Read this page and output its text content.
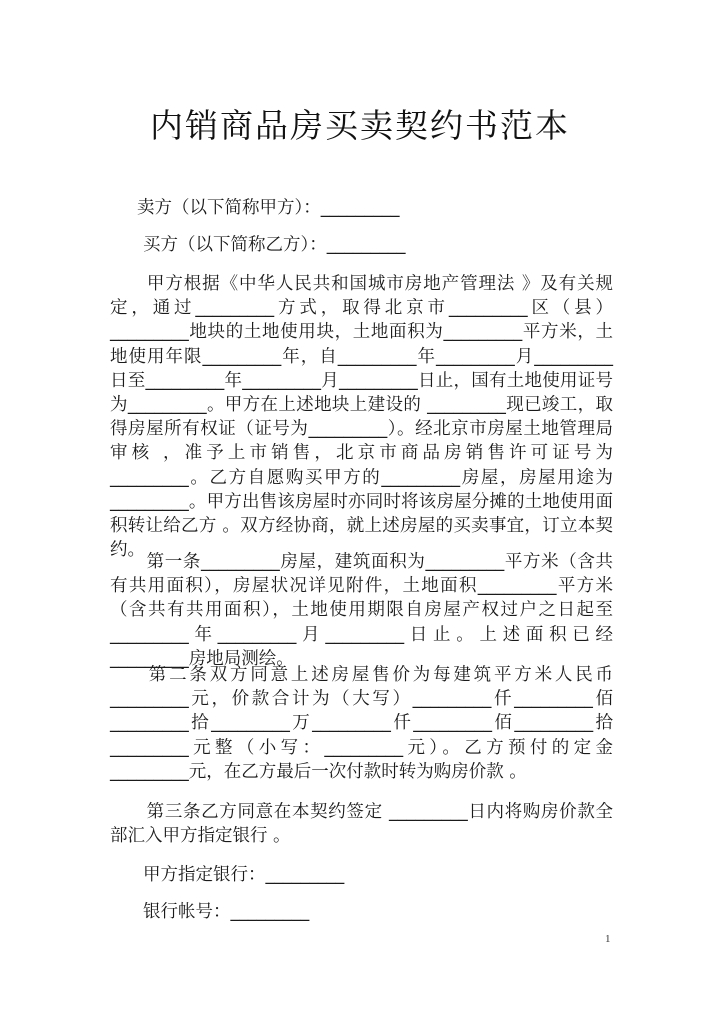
内销商品房买卖契约书范本
卖方（以下简称甲方）：_________
买方（以下简称乙方）：_________
甲方根据《中华人民共和国城市房地产管理法 》及有关规定，通过_________方式，取得北京市_________区（县）_________地块的土地使用块，土地面积为_________平方米，土地使用年限_________年，自_________年_________月_________日至_________年_________月_________日止，国有土地使用证号为_________。甲方在上述地块上建设的 _________现已竣工，取得房屋所有权证（证号为_________）。经北京市房屋土地管理局审核 ，准予上市销售，北京市商品房销售许可证号为 _________。乙方自愿购买甲方的_________房屋，房屋用途为_________。甲方出售该房屋时亦同时将该房屋分摊的土地使用面积转让给乙方 。双方经协商，就上述房屋的买卖事宜，订立本契约。
第一条_________房屋，建筑面积为_________平方米（含共有共用面积），房屋状况详见附件，土地面积_________平方米（含共有共用面积），土地使用期限自房屋产权过户之日起至 _________年_________月_________日止。上述面积已经_________房地局测绘。
第二条双方同意上述房屋售价为每建筑平方米人民币 _________元，价款合计为（大写）_________仟_________佰_________拾_________万_________仟_________佰_________拾_________元整（小写：_________元）。乙方预付的定金 _________元，在乙方最后一次付款时转为购房价款 。
第三条乙方同意在本契约签定 _________日内将购房价款全部汇入甲方指定银行 。
甲方指定银行：_________
银行帐号：_________
1
